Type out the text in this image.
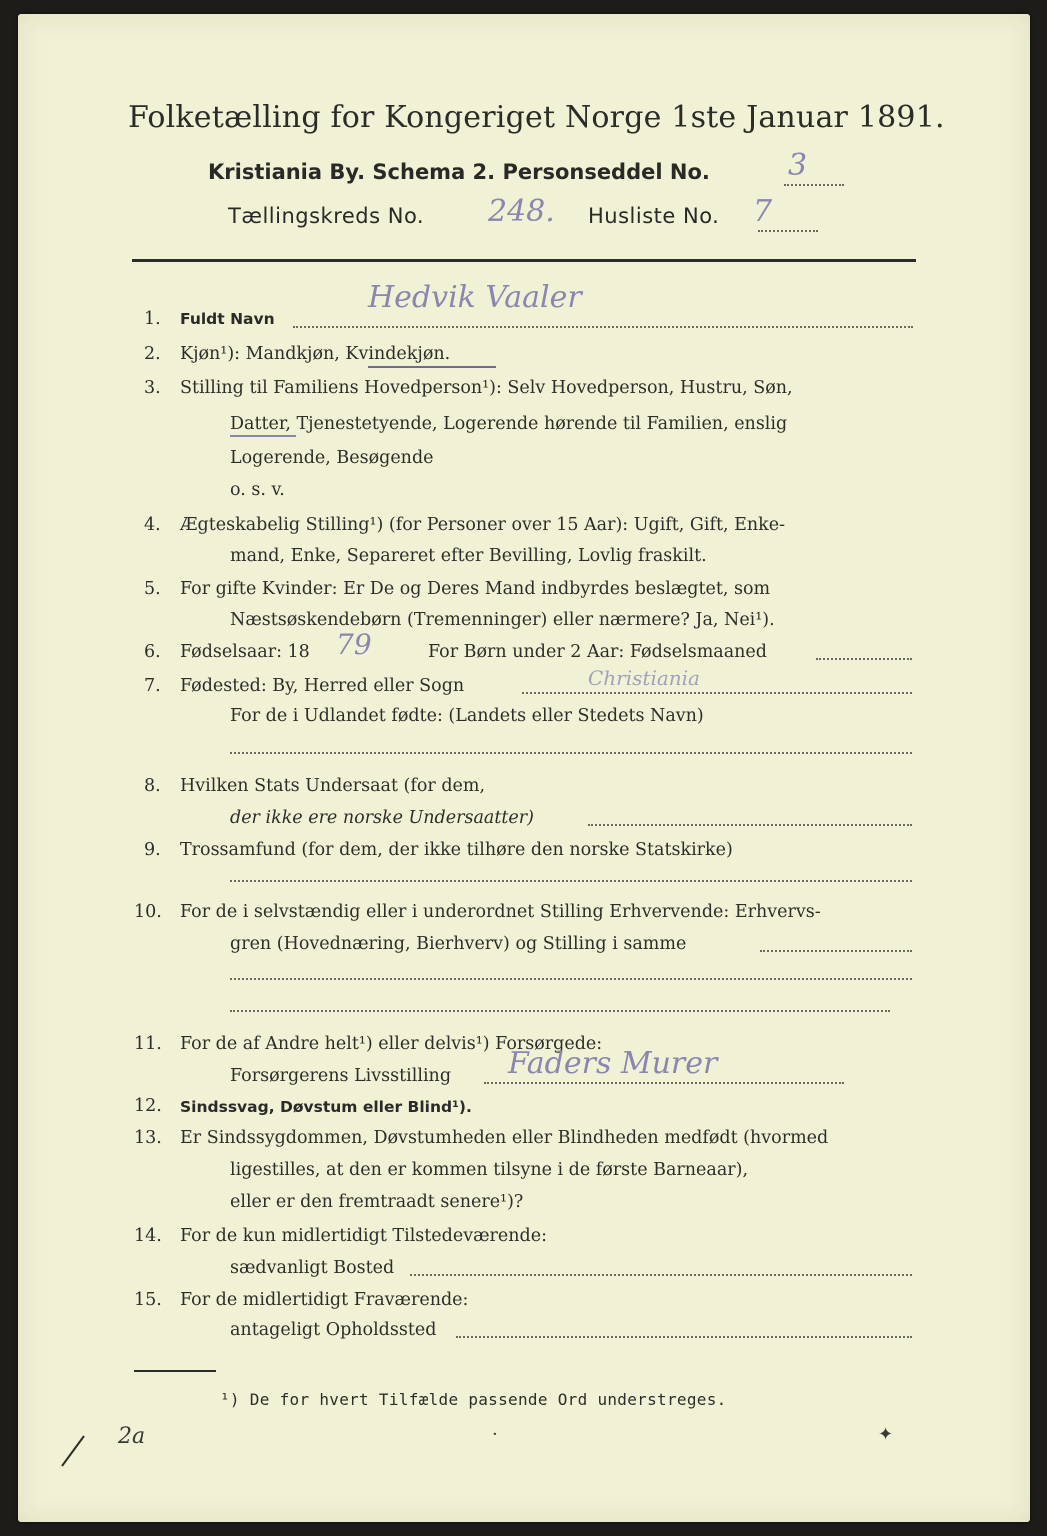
Folketælling for Kongeriget Norge 1ste Januar 1891.
Kristiania By. Schema 2. Personseddel No.	3
Tællingskreds No. 248. Husliste No. 7
1. Fuldt Navn
Hedvik Vaaler
2. Kjøn¹): Mandkjøn, Kvindekjøn.
3. Stilling til Familiens Hovedperson¹): Selv Hovedperson, Hustru, Søn,
Datter, Tjenestetyende, Logerende hørende til Familien, enslig
Logerende, Besøgende
o. s. v.
4. Ægteskabelig Stilling¹) (for Personer over 15 Aar): Ugift, Gift, Enke-
mand, Enke, Separeret efter Bevilling, Lovlig fraskilt.
5. For gifte Kvinder: Er De og Deres Mand indbyrdes beslægtet, som
Næstsøskendebørn (Tremenninger) eller nærmere? Ja, Nei¹).
6. Fødselsaar: 18 79	For Børn under 2 Aar: Fødselsmaaned
7. Fødested: By, Herred eller Sogn	Christiania
For de i Udlandet fødte: (Landets eller Stedets Navn)
8. Hvilken Stats Undersaat (for dem,
der ikke ere norske Undersaatter)
9. Trossamfund (for dem, der ikke tilhøre den norske Statskirke)
10. For de i selvstændig eller i underordnet Stilling Erhvervende: Erhvervs-
gren (Hovednæring, Bierhverv) og Stilling i samme
11. For de af Andre helt¹) eller delvis¹) Forsørgede:
Forsørgerens Livsstilling Faders Murer
12. Sindssvag, Døvstum eller Blind¹).
13. Er Sindssygdommen, Døvstumheden eller Blindheden medfødt (hvormed
ligestilles, at den er kommen tilsyne i de første Barneaar),
eller er den fremtraadt senere¹)?
14. For de kun midlertidigt Tilstedeværende:
sædvanligt Bosted
15. For de midlertidigt Fraværende:
antageligt Opholdssted
¹) De for hvert Tilfælde passende Ord understreges.
2a	·	✦
